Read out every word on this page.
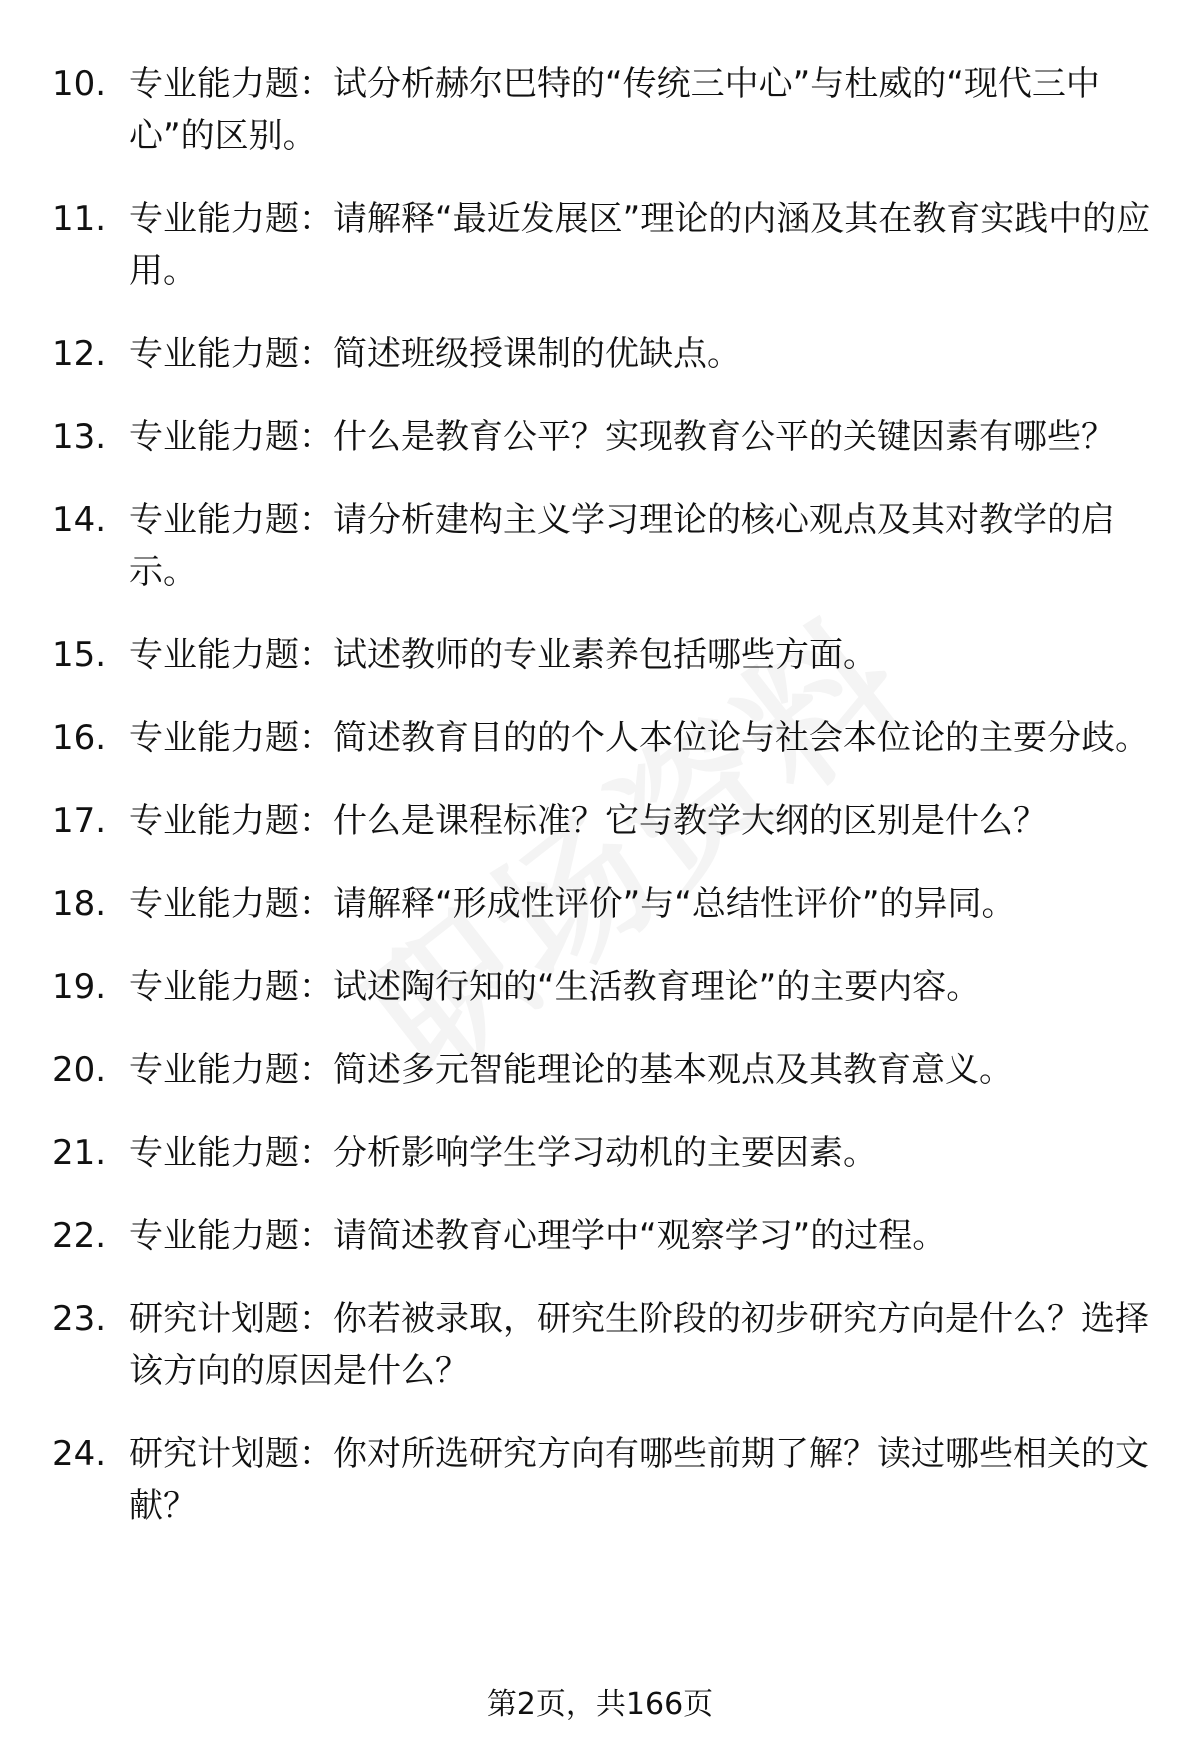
10. 专业能力题：试分析赫尔巴特的“传统三中心”与杜威的“现代三中心”的区别。
11. 专业能力题：请解释“最近发展区”理论的内涵及其在教育实践中的应用。
12. 专业能力题：简述班级授课制的优缺点。
13. 专业能力题：什么是教育公平？实现教育公平的关键因素有哪些？
14. 专业能力题：请分析建构主义学习理论的核心观点及其对教学的启示。
15. 专业能力题：试述教师的专业素养包括哪些方面。
16. 专业能力题：简述教育目的的个人本位论与社会本位论的主要分歧。
17. 专业能力题：什么是课程标准？它与教学大纲的区别是什么？
18. 专业能力题：请解释“形成性评价”与“总结性评价”的异同。
19. 专业能力题：试述陶行知的“生活教育理论”的主要内容。
20. 专业能力题：简述多元智能理论的基本观点及其教育意义。
21. 专业能力题：分析影响学生学习动机的主要因素。
22. 专业能力题：请简述教育心理学中“观察学习”的过程。
23. 研究计划题：你若被录取，研究生阶段的初步研究方向是什么？选择该方向的原因是什么？
24. 研究计划题：你对所选研究方向有哪些前期了解？读过哪些相关的文献？
第2页，共166页
